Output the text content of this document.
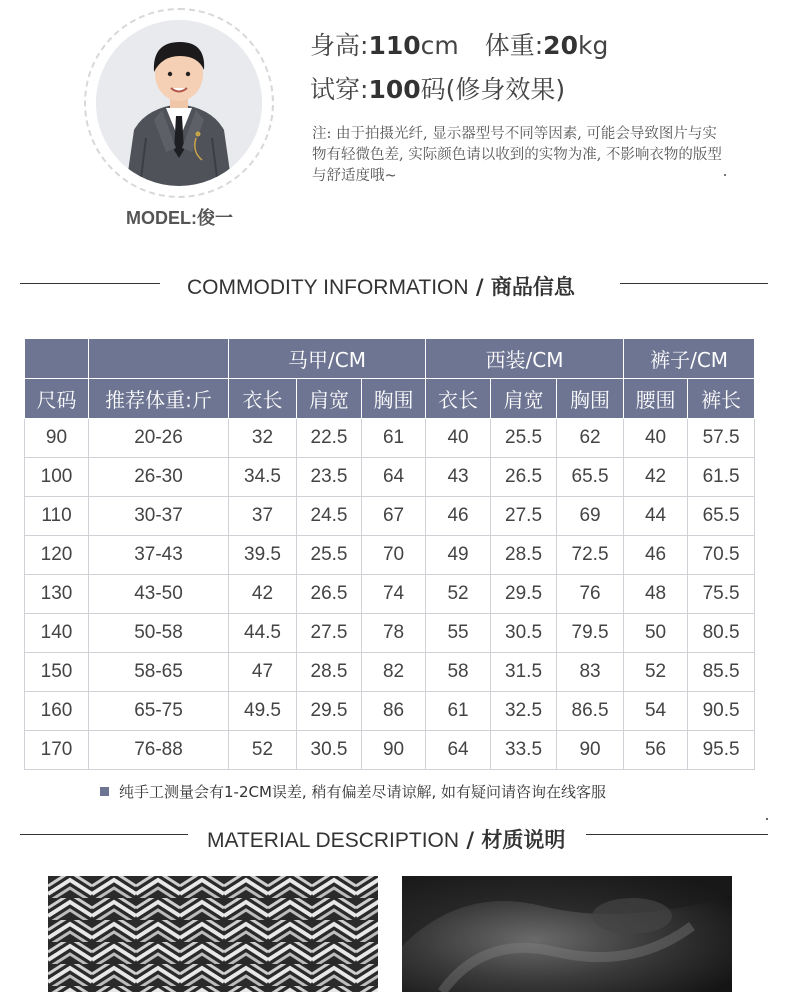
MODEL:俊一
身高:110cm 体重:20kg
试穿:100码(修身效果)
注: 由于拍摄光纤, 显示器型号不同等因素, 可能会导致图片与实物有轻微色差, 实际颜色请以收到的实物为准, 不影响衣物的版型与舒适度哦~
COMMODITY INFORMATION / 商品信息
		马甲/CM			西装/CM			裤子/CM	
尺码	推荐体重:斤	衣长	肩宽	胸围	衣长	肩宽	胸围	腰围	裤长
90	20-26	32	22.5	61	40	25.5	62	40	57.5
100	26-30	34.5	23.5	64	43	26.5	65.5	42	61.5
110	30-37	37	24.5	67	46	27.5	69	44	65.5
120	37-43	39.5	25.5	70	49	28.5	72.5	46	70.5
130	43-50	42	26.5	74	52	29.5	76	48	75.5
140	50-58	44.5	27.5	78	55	30.5	79.5	50	80.5
150	58-65	47	28.5	82	58	31.5	83	52	85.5
160	65-75	49.5	29.5	86	61	32.5	86.5	54	90.5
170	76-88	52	30.5	90	64	33.5	90	56	95.5
纯手工测量会有1-2CM误差, 稍有偏差尽请谅解, 如有疑问请咨询在线客服
MATERIAL DESCRIPTION / 材质说明
